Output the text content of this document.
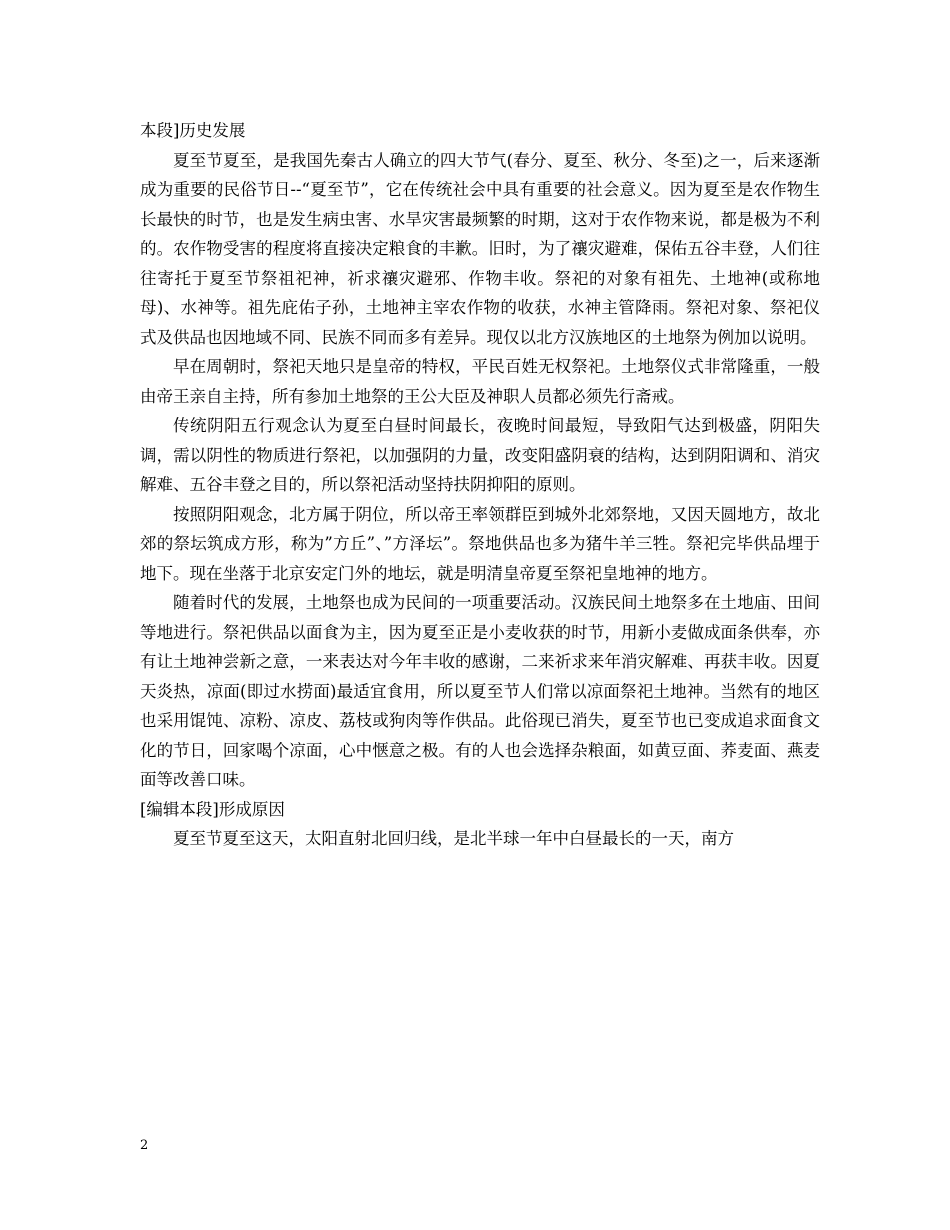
本段]历史发展

夏至节夏至，是我国先秦古人确立的四大节气(春分、夏至、秋分、冬至)之一，后来逐渐成为重要的民俗节日--“夏至节”，它在传统社会中具有重要的社会意义。因为夏至是农作物生长最快的时节，也是发生病虫害、水旱灾害最频繁的时期，这对于农作物来说，都是极为不利的。农作物受害的程度将直接决定粮食的丰歉。旧时，为了禳灾避难，保佑五谷丰登，人们往往寄托于夏至节祭祖祀神，祈求禳灾避邪、作物丰收。祭祀的对象有祖先、土地神(或称地母)、水神等。祖先庇佑子孙，土地神主宰农作物的收获，水神主管降雨。祭祀对象、祭祀仪式及供品也因地域不同、民族不同而多有差异。现仅以北方汉族地区的土地祭为例加以说明。

早在周朝时，祭祀天地只是皇帝的特权，平民百姓无权祭祀。土地祭仪式非常隆重，一般由帝王亲自主持，所有参加土地祭的王公大臣及神职人员都必须先行斋戒。

传统阴阳五行观念认为夏至白昼时间最长，夜晚时间最短，导致阳气达到极盛，阴阳失调，需以阴性的物质进行祭祀，以加强阴的力量，改变阳盛阴衰的结构，达到阴阳调和、消灾解难、五谷丰登之目的，所以祭祀活动坚持扶阴抑阳的原则。

按照阴阳观念，北方属于阴位，所以帝王率领群臣到城外北郊祭地，又因天圆地方，故北郊的祭坛筑成方形，称为”方丘”、”方泽坛”。祭地供品也多为猪牛羊三牲。祭祀完毕供品埋于地下。现在坐落于北京安定门外的地坛，就是明清皇帝夏至祭祀皇地神的地方。

随着时代的发展，土地祭也成为民间的一项重要活动。汉族民间土地祭多在土地庙、田间等地进行。祭祀供品以面食为主，因为夏至正是小麦收获的时节，用新小麦做成面条供奉，亦有让土地神尝新之意，一来表达对今年丰收的感谢，二来祈求来年消灾解难、再获丰收。因夏天炎热，凉面(即过水捞面)最适宜食用，所以夏至节人们常以凉面祭祀土地神。当然有的地区也采用馄饨、凉粉、凉皮、荔枝或狗肉等作供品。此俗现已消失，夏至节也已变成追求面食文化的节日，回家喝个凉面，心中惬意之极。有的人也会选择杂粮面，如黄豆面、荞麦面、燕麦面等改善口味。

[编辑本段]形成原因

夏至节夏至这天，太阳直射北回归线，是北半球一年中白昼最长的一天，南方

2
